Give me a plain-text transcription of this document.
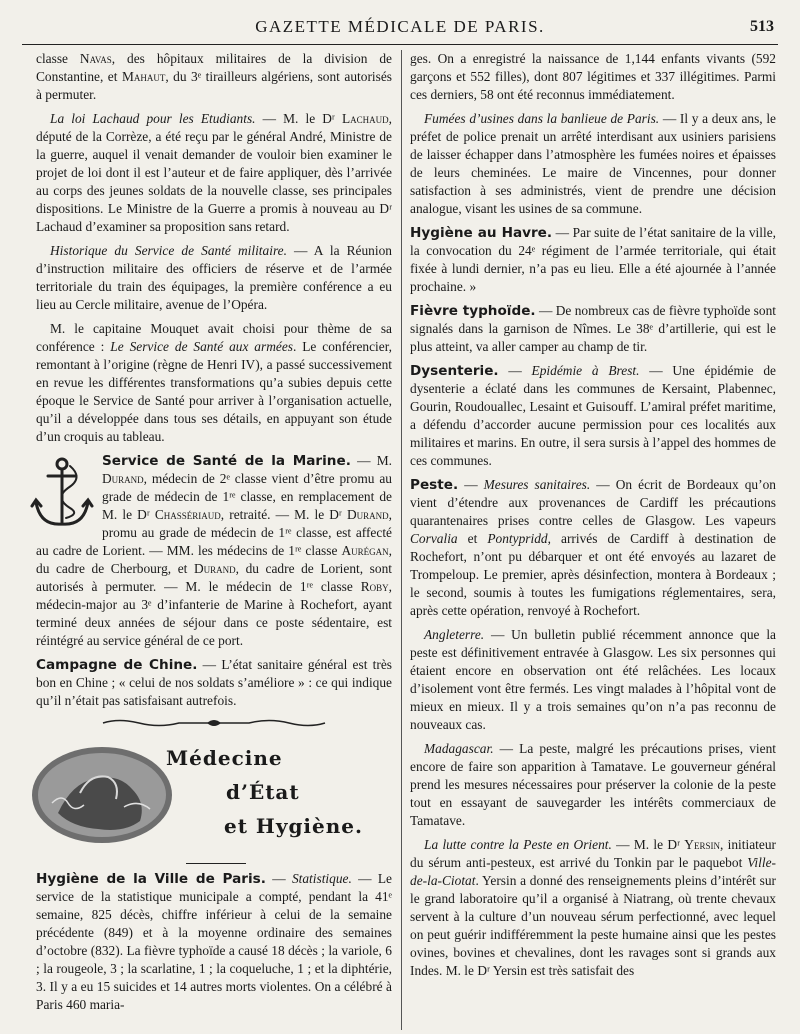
GAZETTE MÉDICALE DE PARIS.	513

classe Navas, des hôpitaux militaires de la division de Constantine, et Mahaut, du 3ᵉ tirailleurs algériens, sont autorisés à permuter.

La loi Lachaud pour les Etudiants. — M. le Dʳ Lachaud, député de la Corrèze, a été reçu par le général André, Ministre de la guerre, auquel il venait demander de vouloir bien examiner le projet de loi dont il est l’auteur et de faire appliquer, dès l’arrivée au corps des jeunes soldats de la nouvelle classe, ses principales dispositions. Le Ministre de la Guerre a promis à nouveau au Dʳ Lachaud d’examiner sa proposition sans retard.

Historique du Service de Santé militaire. — A la Réunion d’instruction militaire des officiers de réserve et de l’armée territoriale du train des équipages, la première conférence a eu lieu au Cercle militaire, avenue de l’Opéra.

M. le capitaine Mouquet avait choisi pour thème de sa conférence : Le Service de Santé aux armées. Le conférencier, remontant à l’origine (règne de Henri IV), a passé successivement en revue les différentes transformations qu’a subies depuis cette époque le Service de Santé pour arriver à l’organisation actuelle, qu’il a développée dans tous ses détails, en appuyant son étude d’un croquis au tableau.

Service de Santé de la Marine. — M. Durand, médecin de 2ᵉ classe vient d’être promu au grade de médecin de 1ʳᵉ classe, en remplacement de M. le Dʳ Chassériaud, retraité. — M. le Dʳ Durand, promu au grade de médecin de 1ʳᵉ classe, est affecté au cadre de Lorient. — MM. les médecins de 1ʳᵉ classe Aurégan, du cadre de Cherbourg, et Durand, du cadre de Lorient, sont autorisés à permuter. — M. le médecin de 1ʳᵉ classe Roby, médecin-major au 3ᵉ d’infanterie de Marine à Rochefort, ayant terminé deux années de séjour dans ce poste sédentaire, est réintégré au service général de ce port.

Campagne de Chine. — L’état sanitaire général est très bon en Chine ; « celui de nos soldats s’améliore » : ce qui indique qu’il n’était pas satisfaisant autrefois.

Médecine
d’État
et Hygiène.

Hygiène de la Ville de Paris. — Statistique. — Le service de la statistique municipale a compté, pendant la 41ᵉ semaine, 825 décès, chiffre inférieur à celui de la semaine précédente (849) et à la moyenne ordinaire des semaines d’octobre (832). La fièvre typhoïde a causé 18 décès ; la variole, 6 ; la rougeole, 3 ; la scarlatine, 1 ; la coqueluche, 1 ; et la diphtérie, 3. Il y a eu 15 suicides et 14 autres morts violentes. On a célébré à Paris 460 maria-

ges. On a enregistré la naissance de 1,144 enfants vivants (592 garçons et 552 filles), dont 807 légitimes et 337 illégitimes. Parmi ces derniers, 58 ont été reconnus immédiatement.

Fumées d’usines dans la banlieue de Paris. — Il y a deux ans, le préfet de police prenait un arrêté interdisant aux usiniers parisiens de laisser échapper dans l’atmosphère les fumées noires et épaisses de leurs cheminées. Le maire de Vincennes, pour donner satisfaction à ses administrés, vient de prendre une décision analogue, visant les usines de sa commune.

Hygiène au Havre. — Par suite de l’état sanitaire de la ville, la convocation du 24ᵉ régiment de l’armée territoriale, qui était fixée à lundi dernier, n’a pas eu lieu. Elle a été ajournée à l’année prochaine. »

Fièvre typhoïde. — De nombreux cas de fièvre typhoïde sont signalés dans la garnison de Nîmes. Le 38ᵉ d’artillerie, qui est le plus atteint, va aller camper au champ de tir.

Dysenterie. — Epidémie à Brest. — Une épidémie de dysenterie a éclaté dans les communes de Kersaint, Plabennec, Gourin, Roudouallec, Lesaint et Guisouff. L’amiral préfet maritime, a défendu d’accorder aucune permission pour ces localités aux militaires et marins. En outre, il sera sursis à l’appel des hommes de ces communes.

Peste. — Mesures sanitaires. — On écrit de Bordeaux qu’on vient d’étendre aux provenances de Cardiff les précautions quarantenaires prises contre celles de Glasgow. Les vapeurs Corvalia et Pontypridd, arrivés de Cardiff à destination de Rochefort, n’ont pu débarquer et ont été envoyés au lazaret de Trompeloup. Le premier, après désinfection, montera à Bordeaux ; le second, soumis à toutes les fumigations réglementaires, sera, après cette opération, renvoyé à Rochefort.

Angleterre. — Un bulletin publié récemment annonce que la peste est définitivement entravée à Glasgow. Les six personnes qui étaient encore en observation ont été relâchées. Les locaux d’isolement vont être fermés. Les vingt malades à l’hôpital vont de mieux en mieux. Il y a trois semaines qu’on n’a pas reconnu de nouveaux cas.

Madagascar. — La peste, malgré les précautions prises, vient encore de faire son apparition à Tamatave. Le gouverneur général prend les mesures nécessaires pour préserver la colonie de la peste tout en essayant de sauvegarder les intérêts commerciaux de Tamatave.

La lutte contre la Peste en Orient. — M. le Dʳ Yersin, initiateur du sérum anti-pesteux, est arrivé du Tonkin par le paquebot Ville-de-la-Ciotat. Yersin a donné des renseignements pleins d’intérêt sur le grand laboratoire qu’il a organisé à Niatrang, où trente chevaux servent à la culture d’un nouveau sérum perfectionné, avec lequel on peut guérir indifféremment la peste humaine ainsi que les pestes ovines, bovines et chevalines, dont les ravages sont si grands aux Indes. M. le Dʳ Yersin est très satisfait des
